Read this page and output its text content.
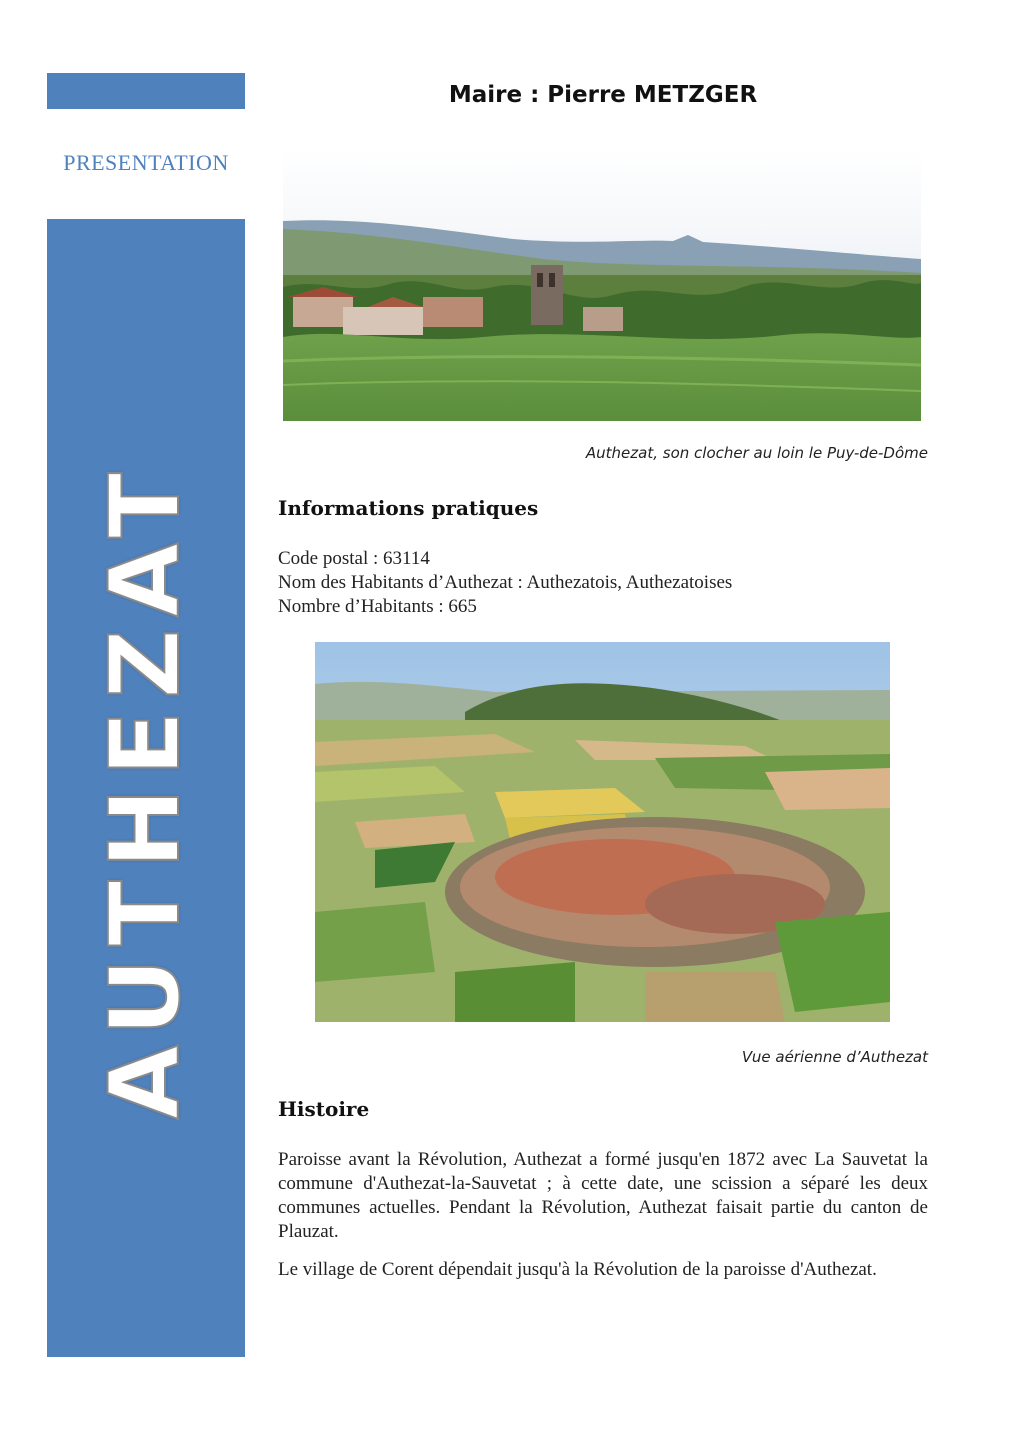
PRESENTATION
AUTHEZAT
Maire : Pierre METZGER
Authezat, son clocher au loin le Puy-de-Dôme
Informations pratiques
Code postal : 63114
Nom des Habitants d’Authezat : Authezatois, Authezatoises
Nombre d’Habitants : 665
Vue aérienne d’Authezat
Histoire

Paroisse avant la Révolution, Authezat a formé jusqu'en 1872 avec La Sauvetat la commune d'Authezat-la-Sauvetat ; à cette date, une scission a séparé les deux communes actuelles. Pendant la Révolution, Authezat faisait partie du canton de Plauzat.

Le village de Corent dépendait jusqu'à la Révolution de la paroisse d'Authezat.
